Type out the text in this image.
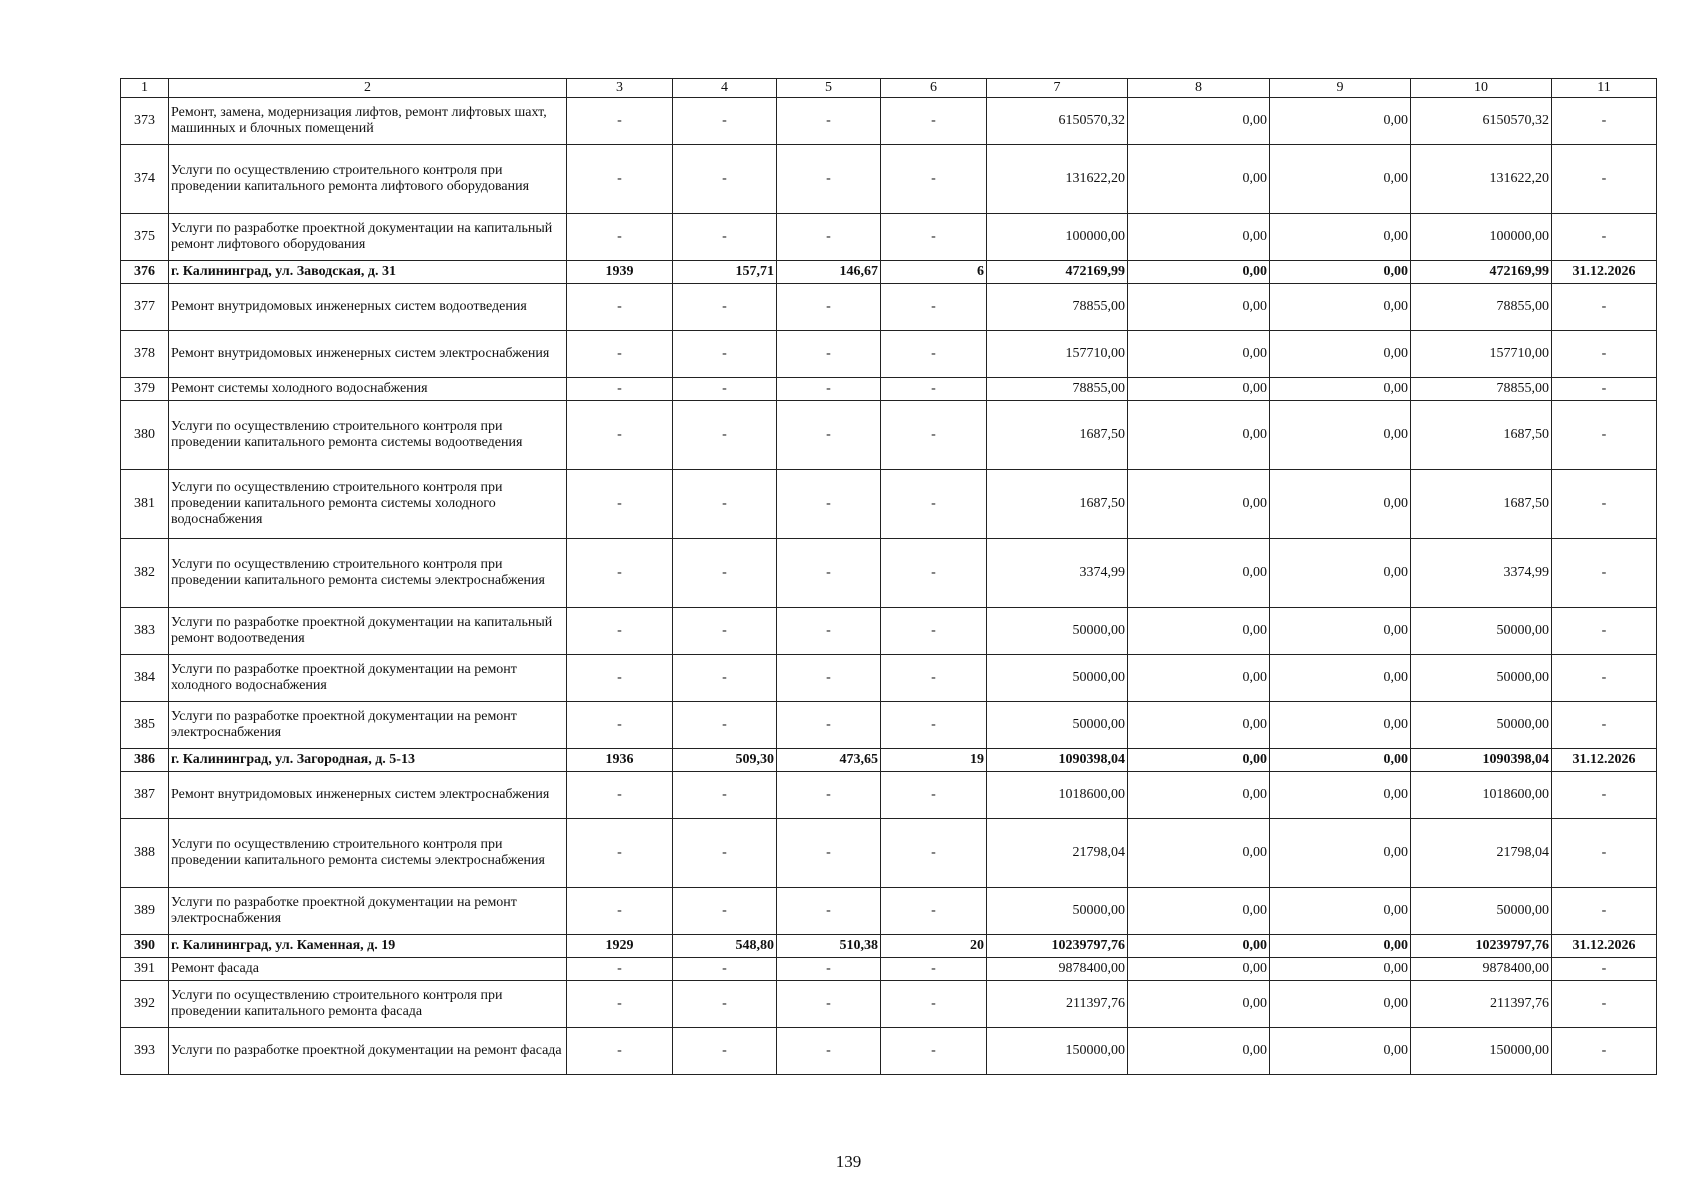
1	2	3	4	5	6	7	8	9	10	11
373	Ремонт, замена, модернизация лифтов, ремонт лифтовых шахт, машинных и блочных помещений	-	-	-	-	6150570,32	0,00	0,00	6150570,32	-
374	Услуги по осуществлению строительного контроля при проведении капитального ремонта лифтового оборудования	-	-	-	-	131622,20	0,00	0,00	131622,20	-
375	Услуги по разработке проектной документации на капитальный ремонт лифтового оборудования	-	-	-	-	100000,00	0,00	0,00	100000,00	-
376	г. Калининград, ул. Заводская, д. 31	1939	157,71	146,67	6	472169,99	0,00	0,00	472169,99	31.12.2026
377	Ремонт внутридомовых инженерных систем водоотведения	-	-	-	-	78855,00	0,00	0,00	78855,00	-
378	Ремонт внутридомовых инженерных систем электроснабжения	-	-	-	-	157710,00	0,00	0,00	157710,00	-
379	Ремонт системы холодного водоснабжения	-	-	-	-	78855,00	0,00	0,00	78855,00	-
380	Услуги по осуществлению строительного контроля при проведении капитального ремонта системы водоотведения	-	-	-	-	1687,50	0,00	0,00	1687,50	-
381	Услуги по осуществлению строительного контроля при проведении капитального ремонта системы холодного водоснабжения	-	-	-	-	1687,50	0,00	0,00	1687,50	-
382	Услуги по осуществлению строительного контроля при проведении капитального ремонта системы электроснабжения	-	-	-	-	3374,99	0,00	0,00	3374,99	-
383	Услуги по разработке проектной документации на капитальный ремонт водоотведения	-	-	-	-	50000,00	0,00	0,00	50000,00	-
384	Услуги по разработке проектной документации на ремонт холодного водоснабжения	-	-	-	-	50000,00	0,00	0,00	50000,00	-
385	Услуги по разработке проектной документации на ремонт электроснабжения	-	-	-	-	50000,00	0,00	0,00	50000,00	-
386	г. Калининград, ул. Загородная, д. 5-13	1936	509,30	473,65	19	1090398,04	0,00	0,00	1090398,04	31.12.2026
387	Ремонт внутридомовых инженерных систем электроснабжения	-	-	-	-	1018600,00	0,00	0,00	1018600,00	-
388	Услуги по осуществлению строительного контроля при проведении капитального ремонта системы электроснабжения	-	-	-	-	21798,04	0,00	0,00	21798,04	-
389	Услуги по разработке проектной документации на ремонт электроснабжения	-	-	-	-	50000,00	0,00	0,00	50000,00	-
390	г. Калининград, ул. Каменная, д. 19	1929	548,80	510,38	20	10239797,76	0,00	0,00	10239797,76	31.12.2026
391	Ремонт фасада	-	-	-	-	9878400,00	0,00	0,00	9878400,00	-
392	Услуги по осуществлению строительного контроля при проведении капитального ремонта фасада	-	-	-	-	211397,76	0,00	0,00	211397,76	-
393	Услуги по разработке проектной документации на ремонт фасада	-	-	-	-	150000,00	0,00	0,00	150000,00	-
139
